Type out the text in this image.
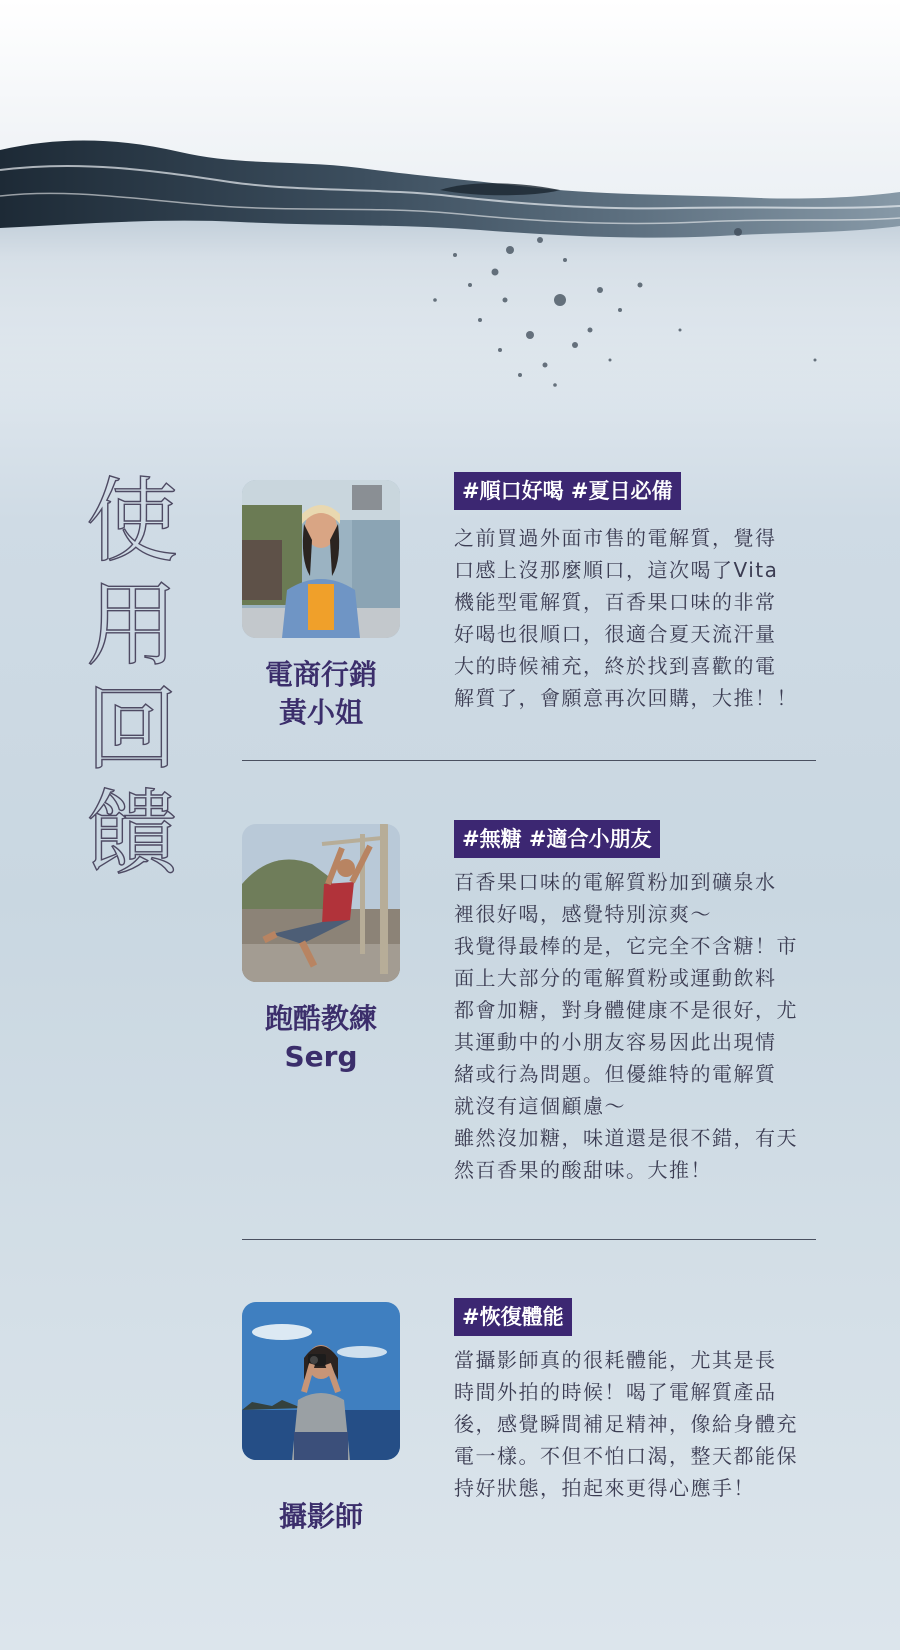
使
用
回
饋
電商行銷
黃小姐
#順口好喝 #夏日必備
之前買過外面市售的電解質，覺得
口感上沒那麼順口，這次喝了Vita
機能型電解質，百香果口味的非常
好喝也很順口，很適合夏天流汗量
大的時候補充，終於找到喜歡的電
解質了，會願意再次回購，大推！！
跑酷教練
Serg
#無糖 #適合小朋友
百香果口味的電解質粉加到礦泉水
裡很好喝，感覺特別涼爽～
我覺得最棒的是，它完全不含糖！市
面上大部分的電解質粉或運動飲料
都會加糖，對身體健康不是很好，尤
其運動中的小朋友容易因此出現情
緒或行為問題。但優維特的電解質
就沒有這個顧慮～
雖然沒加糖，味道還是很不錯，有天
然百香果的酸甜味。大推！
攝影師
#恢復體能
當攝影師真的很耗體能，尤其是長
時間外拍的時候！喝了電解質產品
後，感覺瞬間補足精神，像給身體充
電一樣。不但不怕口渴，整天都能保
持好狀態，拍起來更得心應手！
